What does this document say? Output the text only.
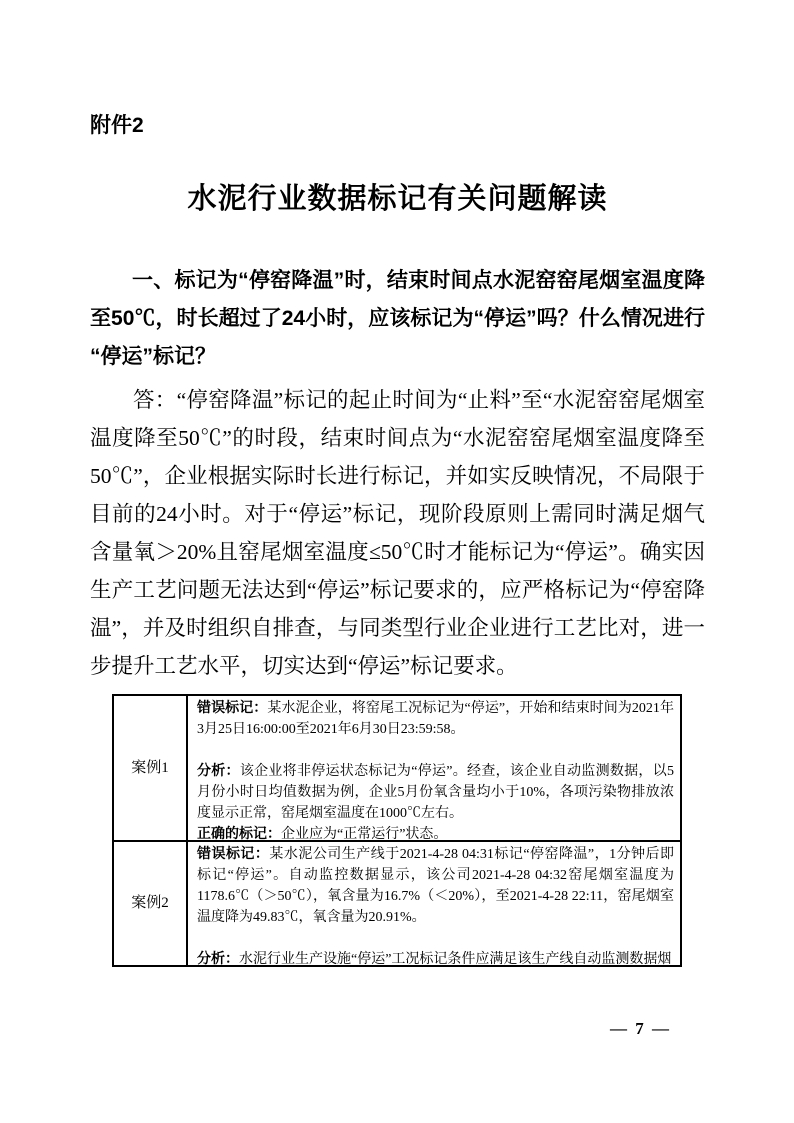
附件2
水泥行业数据标记有关问题解读

一、标记为“停窑降温”时，结束时间点水泥窑窑尾烟室温度降至50℃，时长超过了24小时，应该标记为“停运”吗？什么情况进行“停运”标记？

答：“停窑降温”标记的起止时间为“止料”至“水泥窑窑尾烟室温度降至50℃”的时段，结束时间点为“水泥窑窑尾烟室温度降至50℃”，企业根据实际时长进行标记，并如实反映情况，不局限于目前的24小时。对于“停运”标记，现阶段原则上需同时满足烟气含量氧＞20%且窑尾烟室温度≤50℃时才能标记为“停运”。确实因生产工艺问题无法达到“停运”标记要求的，应严格标记为“停窑降温”，并及时组织自排查，与同类型行业企业进行工艺比对，进一步提升工艺水平，切实达到“停运”标记要求。

案例1	错误标记：某水泥企业，将窑尾工况标记为“停运”，开始和结束时间为2021年3月25日16:00:00至2021年6月30日23:59:58。

分析：该企业将非停运状态标记为“停运”。经查，该企业自动监测数据，以5月份小时日均值数据为例，企业5月份氧含量均小于10%，各项污染物排放浓度显示正常，窑尾烟室温度在1000℃左右。

正确的标记：企业应为“正常运行”状态。

案例2	错误标记：某水泥公司生产线于2021-4-28 04:31标记“停窑降温”，1分钟后即标记“停运”。自动监控数据显示，该公司2021-4-28 04:32窑尾烟室温度为1178.6℃（＞50℃），氧含量为16.7%（＜20%），至2021-4-28 22:11，窑尾烟室温度降为49.83℃，氧含量为20.91%。

分析：水泥行业生产设施“停运”工况标记条件应满足该生产线自动监测数据烟

— 7 —
